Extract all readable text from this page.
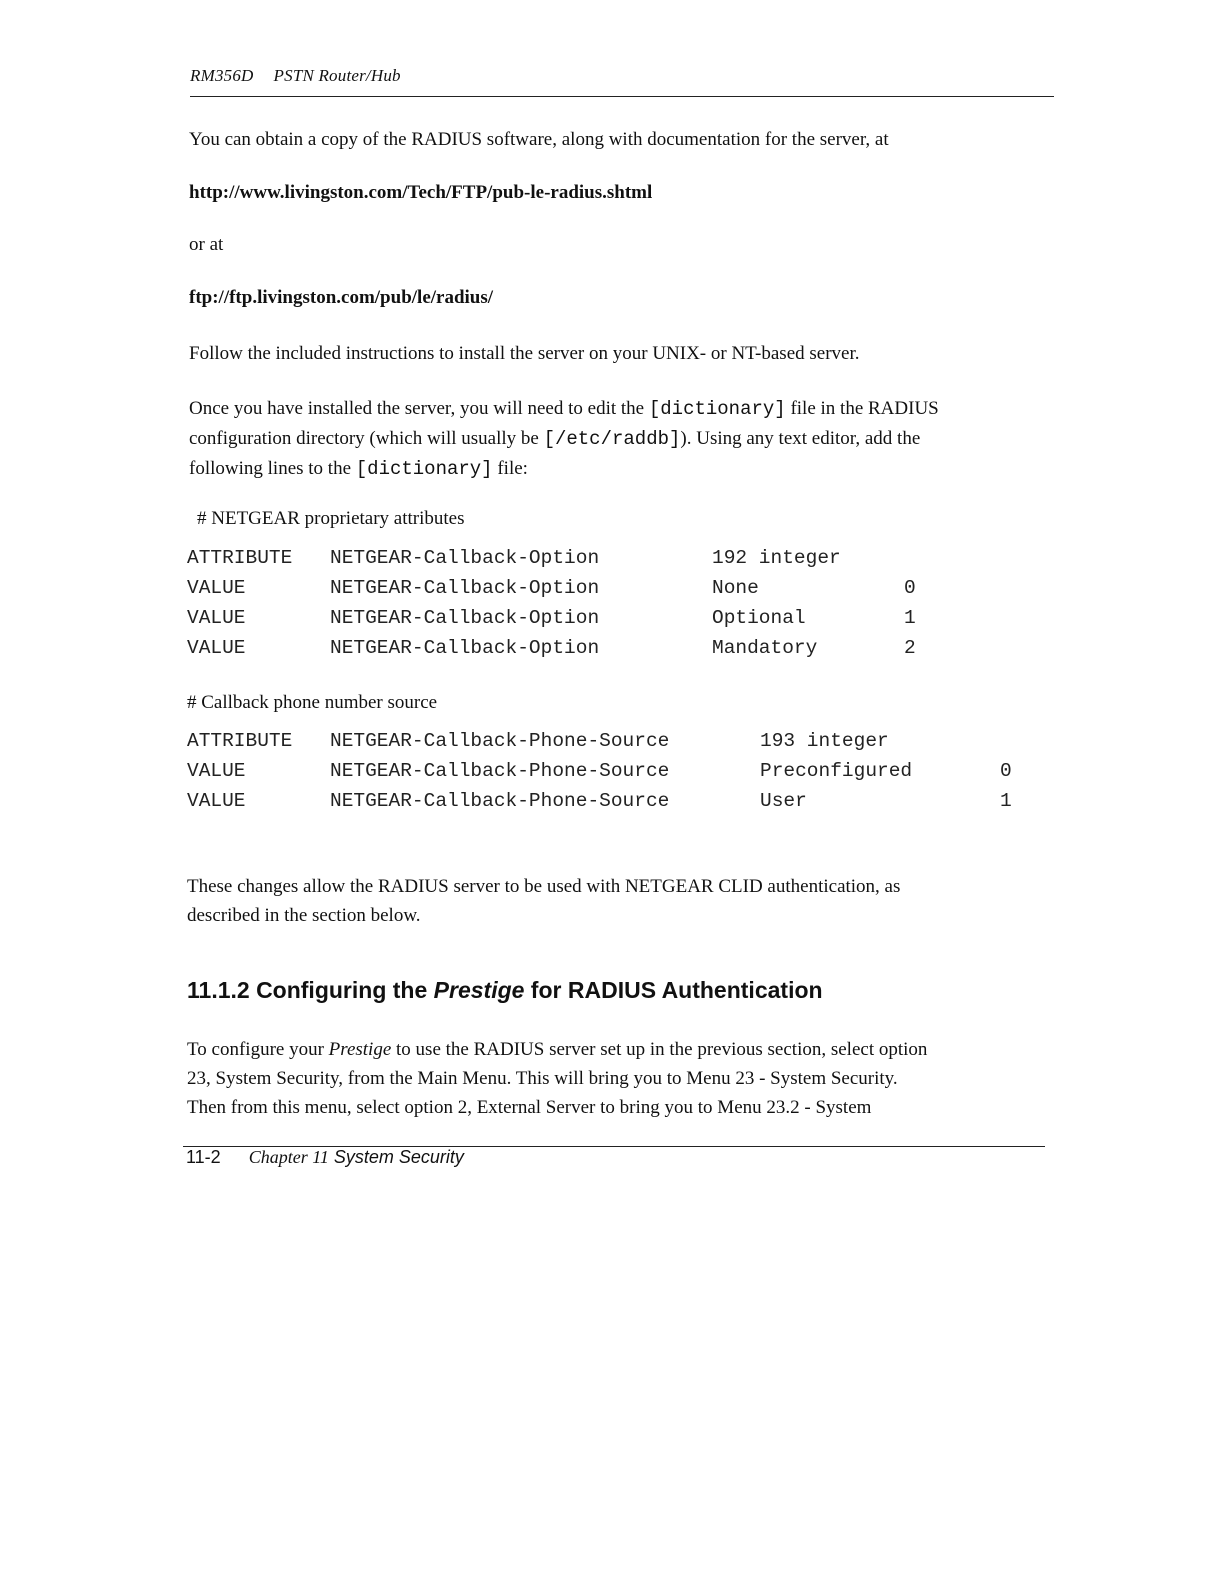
RM356D PSTN Router/Hub
You can obtain a copy of the RADIUS software, along with documentation for the server, at
http://www.livingston.com/Tech/FTP/pub-le-radius.shtml
or at
ftp://ftp.livingston.com/pub/le/radius/
Follow the included instructions to install the server on your UNIX- or NT-based server.
Once you have installed the server, you will need to edit the [dictionary] file in the RADIUS
configuration directory (which will usually be [/etc/raddb]). Using any text editor, add the
following lines to the [dictionary] file:
# NETGEAR proprietary attributes
ATTRIBUTE NETGEAR-Callback-Option	192 integer
VALUE	NETGEAR-Callback-Option	None	0
VALUE	NETGEAR-Callback-Option	Optional	1
VALUE	NETGEAR-Callback-Option	Mandatory	2
# Callback phone number source
ATTRIBUTE NETGEAR-Callback-Phone-Source	193 integer
VALUE	NETGEAR-Callback-Phone-Source	Preconfigured	0
VALUE	NETGEAR-Callback-Phone-Source	User	1
These changes allow the RADIUS server to be used with NETGEAR CLID authentication, as
described in the section below.
11.1.2 Configuring the Prestige for RADIUS Authentication
To configure your Prestige to use the RADIUS server set up in the previous section, select option
23, System Security, from the Main Menu. This will bring you to Menu 23 - System Security.
Then from this menu, select option 2, External Server to bring you to Menu 23.2 - System
11-2 Chapter 11 System Security
